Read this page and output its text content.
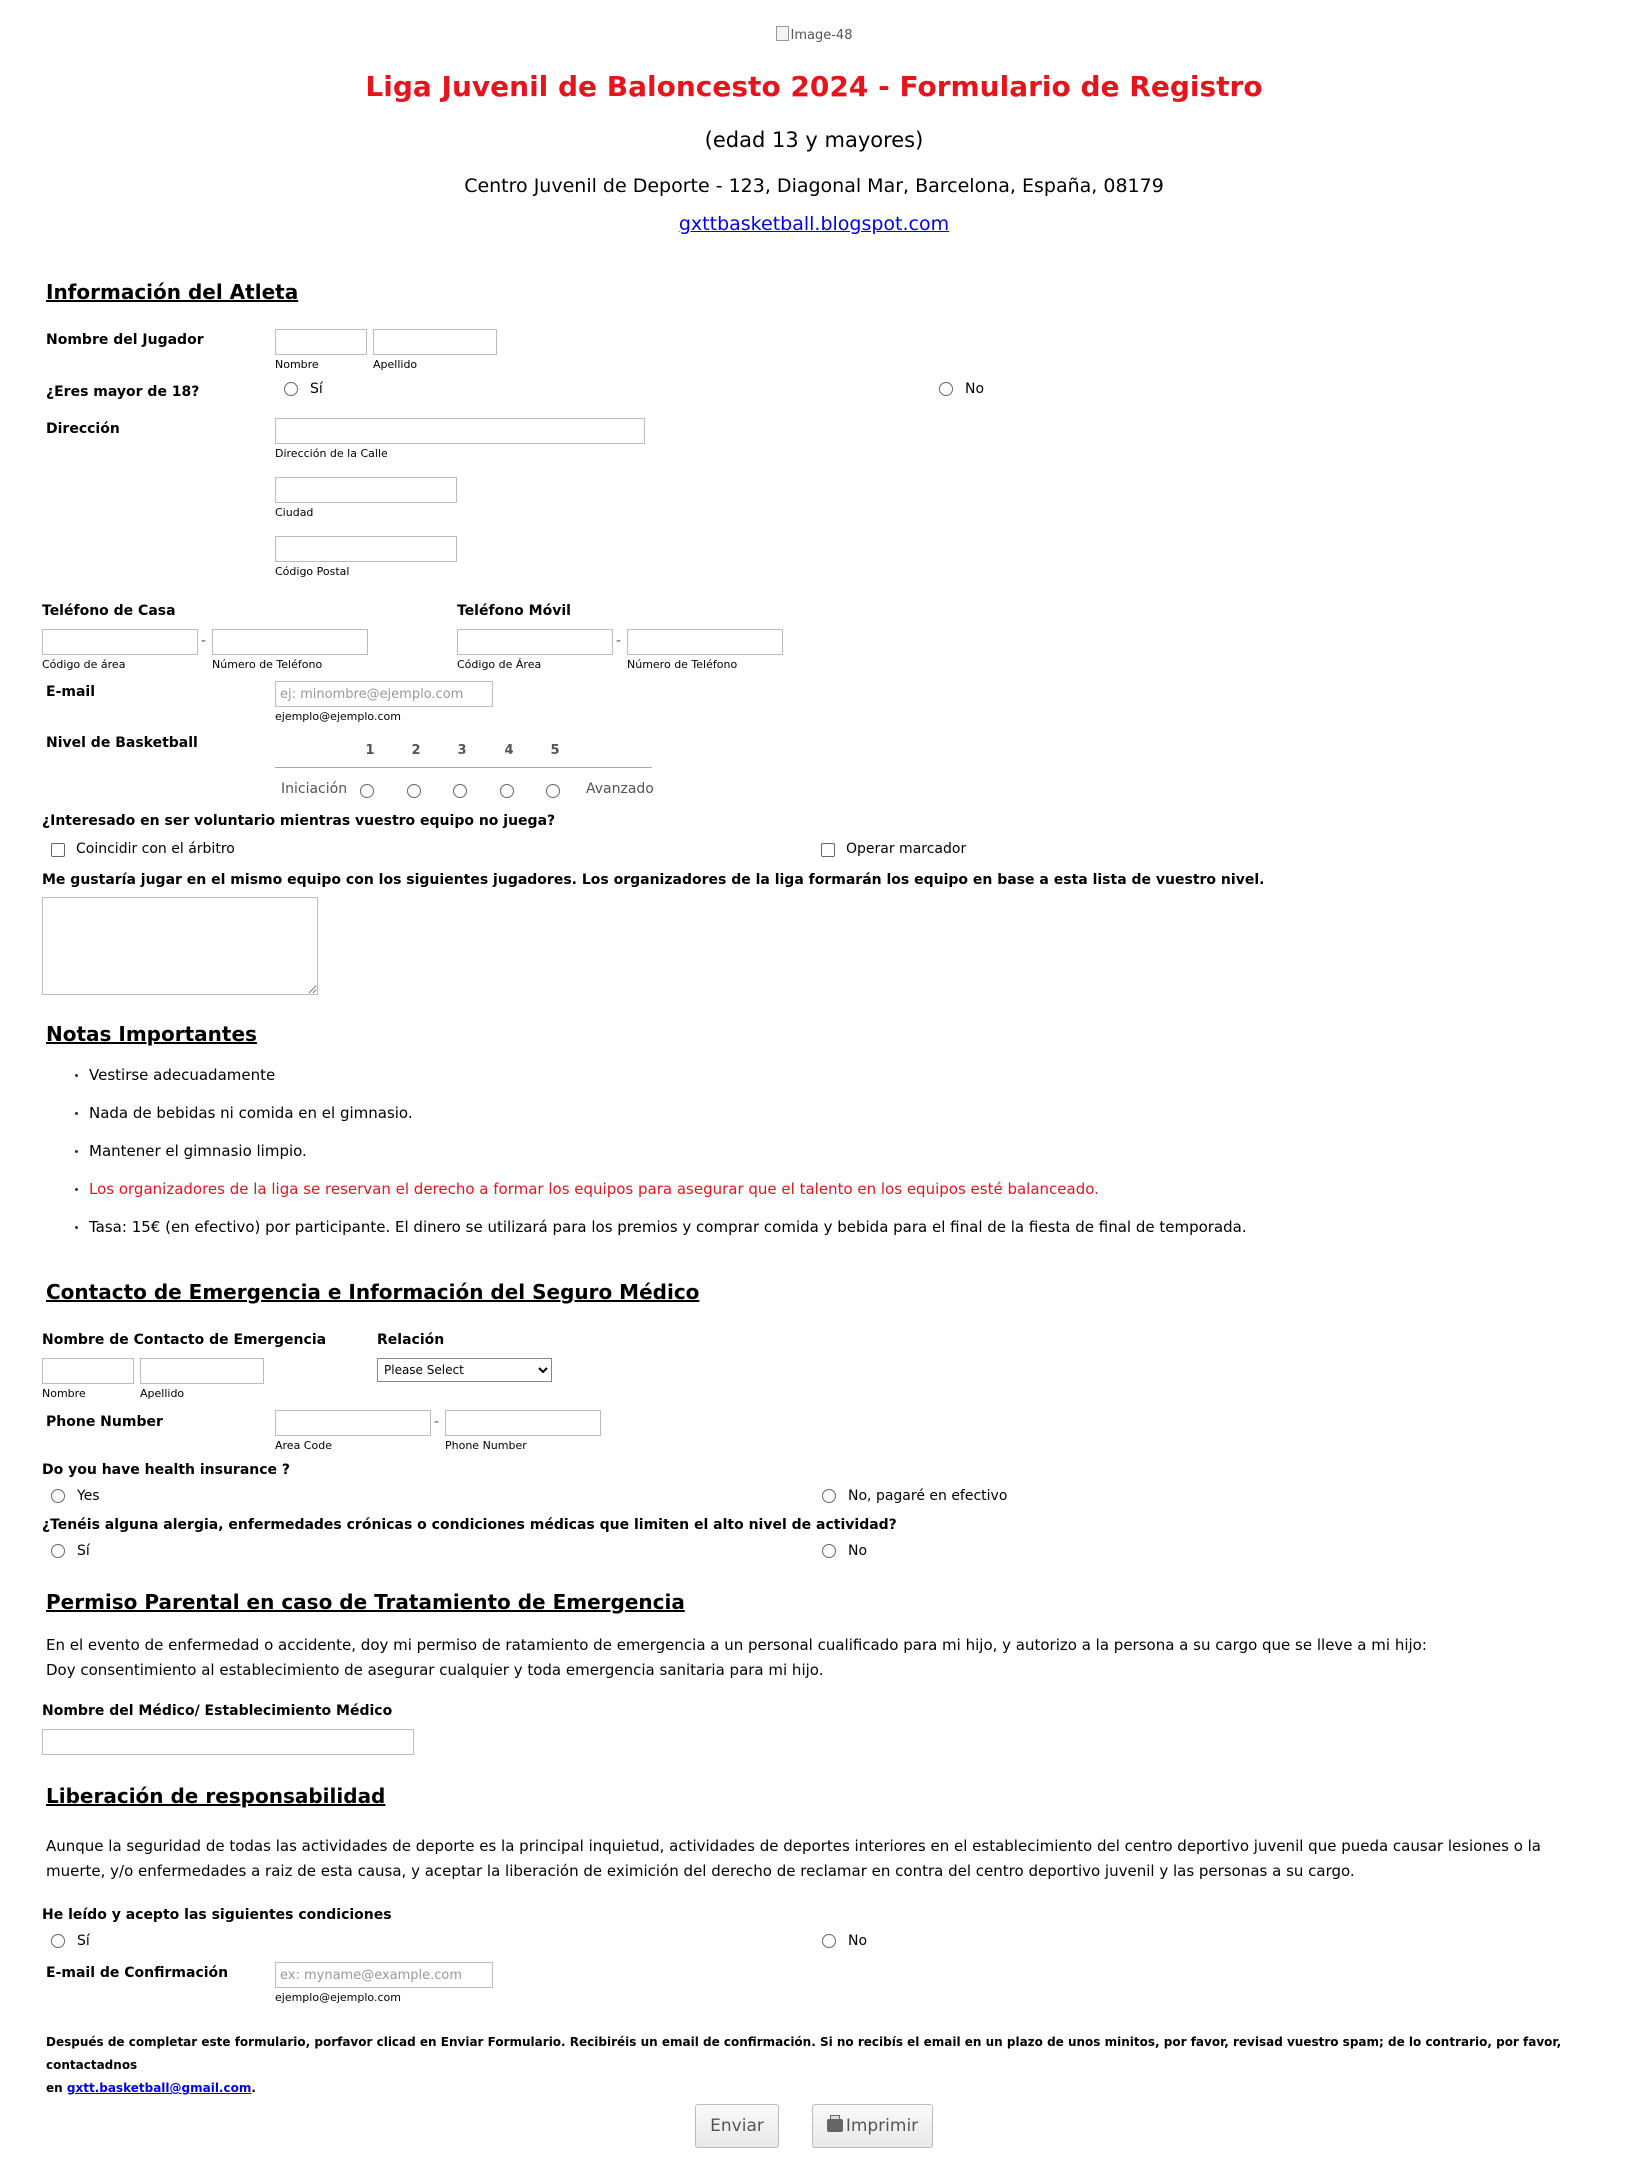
Image-48
Liga Juvenil de Baloncesto 2024 - Formulario de Registro
(edad 13 y mayores)
Centro Juvenil de Deporte - 123, Diagonal Mar, Barcelona, España, 08179
gxttbasketball.blogspot.com
Información del Atleta
Nombre del Jugador
Nombre	Apellido
¿Eres mayor de 18?	Sí	No
Dirección
Dirección de la Calle
Ciudad
Código Postal
Teléfono de Casa
-
Código de área	Número de Teléfono
Teléfono Móvil
-
Código de Área	Número de Teléfono
E-mail
ej: minombre@ejemplo.com
ejemplo@ejemplo.com
Nivel de Basketball	1	2	3	4	5
Iniciación	Avanzado
¿Interesado en ser voluntario mientras vuestro equipo no juega?
Coincidir con el árbitro	Operar marcador
Me gustaría jugar en el mismo equipo con los siguientes jugadores. Los organizadores de la liga formarán los equipo en base a esta lista de vuestro nivel.
Notas Importantes
Vestirse adecuadamente
Nada de bebidas ni comida en el gimnasio.
Mantener el gimnasio limpio.
Los organizadores de la liga se reservan el derecho a formar los equipos para asegurar que el talento en los equipos esté balanceado.
Tasa: 15€ (en efectivo) por participante. El dinero se utilizará para los premios y comprar comida y bebida para el final de la fiesta de final de temporada.
Contacto de Emergencia e Información del Seguro Médico
Nombre de Contacto de Emergencia
Nombre	Apellido
Relación
Please Select
Phone Number	-
Area Code	Phone Number
Do you have health insurance ?
Yes	No, pagaré en efectivo
¿Tenéis alguna alergia, enfermedades crónicas o condiciones médicas que limiten el alto nivel de actividad?
Sí	No
Permiso Parental en caso de Tratamiento de Emergencia
En el evento de enfermedad o accidente, doy mi permiso de ratamiento de emergencia a un personal cualificado para mi hijo, y autorizo a la persona a su cargo que se lleve a mi hijo:
Doy consentimiento al establecimiento de asegurar cualquier y toda emergencia sanitaria para mi hijo.
Nombre del Médico/ Establecimiento Médico
Liberación de responsabilidad
Aunque la seguridad de todas las actividades de deporte es la principal inquietud, actividades de deportes interiores en el establecimiento del centro deportivo juvenil que pueda causar lesiones o la muerte, y/o enfermedades a raiz de esta causa, y aceptar la liberación de eximición del derecho de reclamar en contra del centro deportivo juvenil y las personas a su cargo.
He leído y acepto las siguientes condiciones
Sí	No
E-mail de Confirmación
ex: myname@example.com
ejemplo@ejemplo.com
Después de completar este formulario, porfavor clicad en Enviar Formulario. Recibiréis un email de confirmación. Si no recibís el email en un plazo de unos minitos, por favor, revisad vuestro spam; de lo contrario, por favor, contactadnos
en gxtt.basketball@gmail.com.
Enviar	Imprimir
